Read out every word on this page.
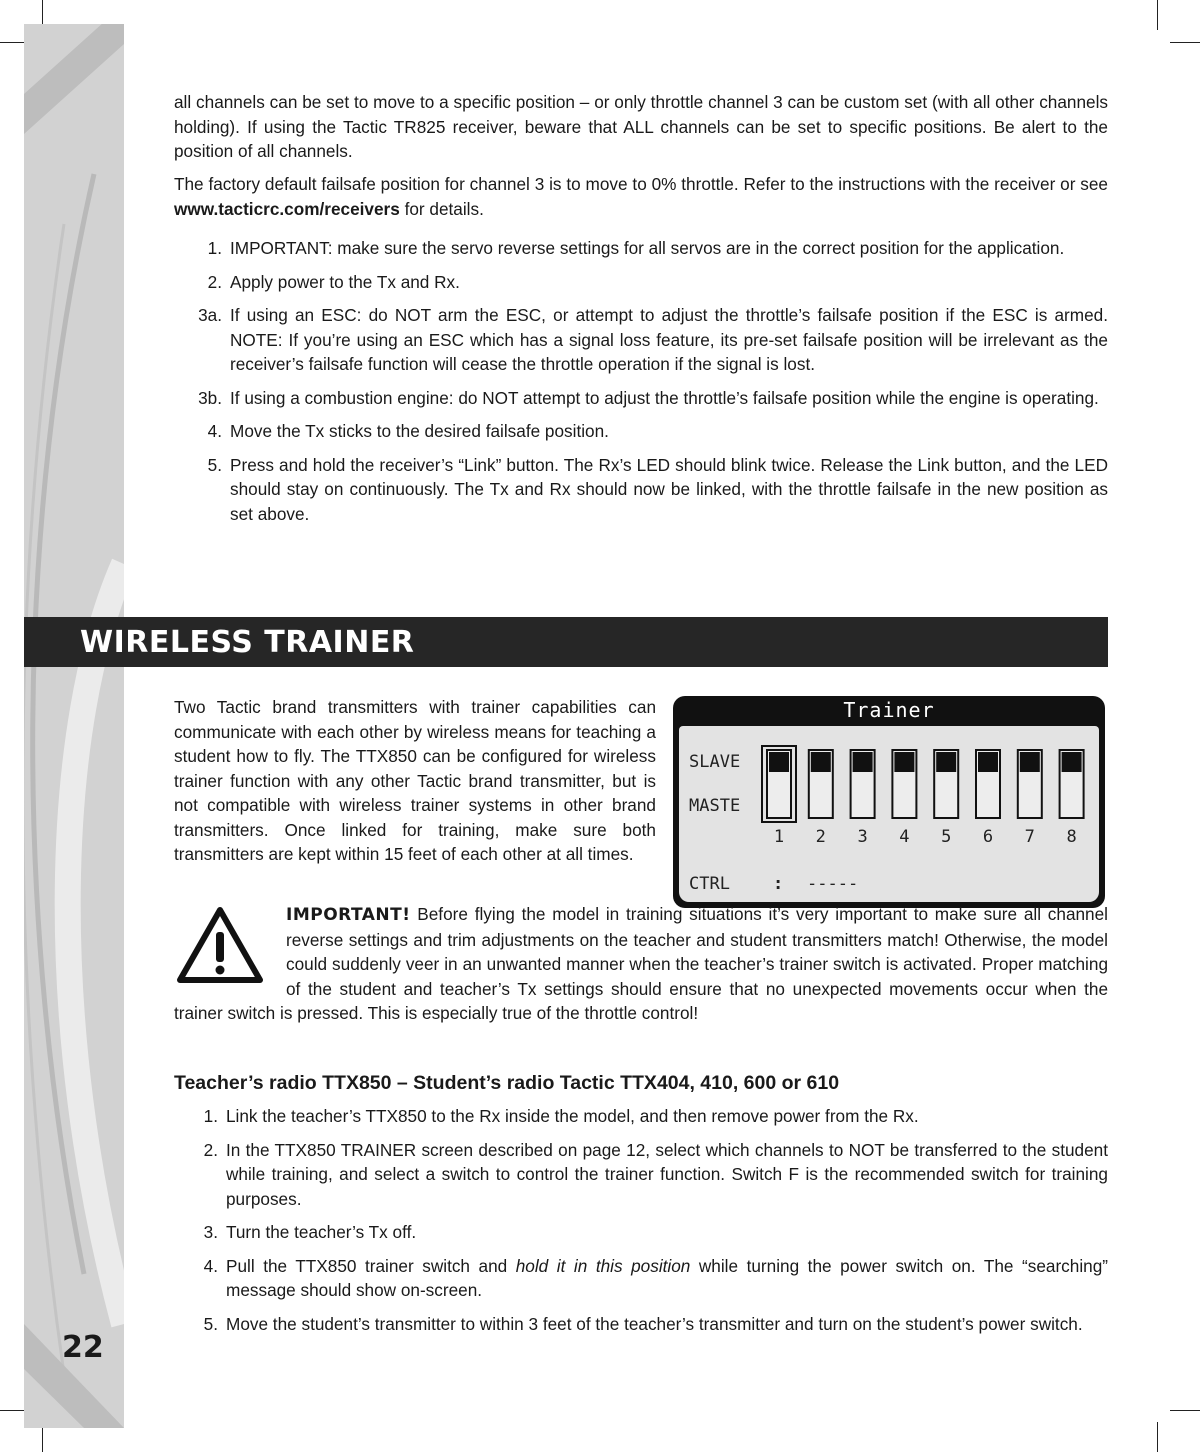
22

all channels can be set to move to a specific position – or only throttle channel 3 can be custom set (with all other channels holding). If using the Tactic TR825 receiver, beware that ALL channels can be set to specific positions. Be alert to the position of all channels.

The factory default failsafe position for channel 3 is to move to 0% throttle. Refer to the instructions with the receiver or see www.tacticrc.com/receivers for details.

1. IMPORTANT: make sure the servo reverse settings for all servos are in the correct position for the application.
2. Apply power to the Tx and Rx.
3a. If using an ESC: do NOT arm the ESC, or attempt to adjust the throttle’s failsafe position if the ESC is armed. NOTE: If you’re using an ESC which has a signal loss feature, its pre-set failsafe position will be irrelevant as the receiver’s failsafe function will cease the throttle operation if the signal is lost.
3b. If using a combustion engine: do NOT attempt to adjust the throttle’s failsafe position while the engine is operating.
4. Move the Tx sticks to the desired failsafe position.
5. Press and hold the receiver’s “Link” button. The Rx’s LED should blink twice. Release the Link button, and the LED should stay on continuously. The Tx and Rx should now be linked, with the throttle failsafe in the new position as set above.
WIRELESS TRAINER

Two Tactic brand transmitters with trainer capabilities can communicate with each other by wireless means for teaching a student how to fly. The TTX850 can be configured for wireless trainer function with any other Tactic brand transmitter, but is not compatible with wireless trainer systems in other brand transmitters. Once linked for training, make sure both transmitters are kept within 15 feet of each other at all times.

Trainer
SLAVE
MASTE
1 2 3 4 5 6 7 8
CTRL	: -----

IMPORTANT! Before flying the model in training situations it’s very important to make sure all channel reverse settings and trim adjustments on the teacher and student transmitters match! Otherwise, the model could suddenly veer in an unwanted manner when the teacher’s trainer switch is activated. Proper matching of the student and teacher’s Tx settings should ensure that no unexpected movements occur when the trainer switch is pressed. This is especially true of the throttle control!

Teacher’s radio TTX850 – Student’s radio Tactic TTX404, 410, 600 or 610
1. Link the teacher’s TTX850 to the Rx inside the model, and then remove power from the Rx.
2. In the TTX850 TRAINER screen described on page 12, select which channels to NOT be transferred to the student while training, and select a switch to control the trainer function. Switch F is the recommended switch for training purposes.
3. Turn the teacher’s Tx off.
4. Pull the TTX850 trainer switch and hold it in this position while turning the power switch on. The “searching” message should show on-screen.
5. Move the student’s transmitter to within 3 feet of the teacher’s transmitter and turn on the student’s power switch.
